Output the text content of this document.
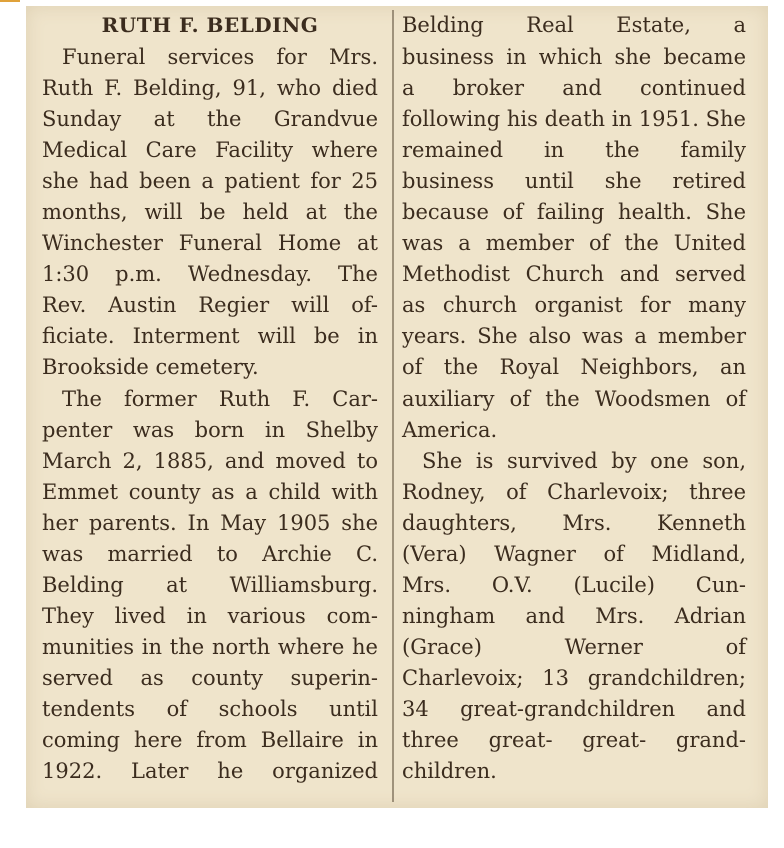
RUTH F. BELDING
Funeral services for Mrs.
Ruth F. Belding, 91, who died
Sunday at the Grandvue
Medical Care Facility where
she had been a patient for 25
months, will be held at the
Winchester Funeral Home at
1:30 p.m. Wednesday. The
Rev. Austin Regier will of-
ficiate. Interment will be in
Brookside cemetery.
The former Ruth F. Car-
penter was born in Shelby
March 2, 1885, and moved to
Emmet county as a child with
her parents. In May 1905 she
was married to Archie C.
Belding at Williamsburg.
They lived in various com-
munities in the north where he
served as county superin-
tendents of schools until
coming here from Bellaire in
1922. Later he organized
Belding Real Estate, a
business in which she became
a broker and continued
following his death in 1951. She
remained in the family
business until she retired
because of failing health. She
was a member of the United
Methodist Church and served
as church organist for many
years. She also was a member
of the Royal Neighbors, an
auxiliary of the Woodsmen of
America.
She is survived by one son,
Rodney, of Charlevoix; three
daughters, Mrs. Kenneth
(Vera) Wagner of Midland,
Mrs. O.V. (Lucile) Cun-
ningham and Mrs. Adrian
(Grace) Werner of
Charlevoix; 13 grandchildren;
34 great-grandchildren and
three great- great- grand-
children.
